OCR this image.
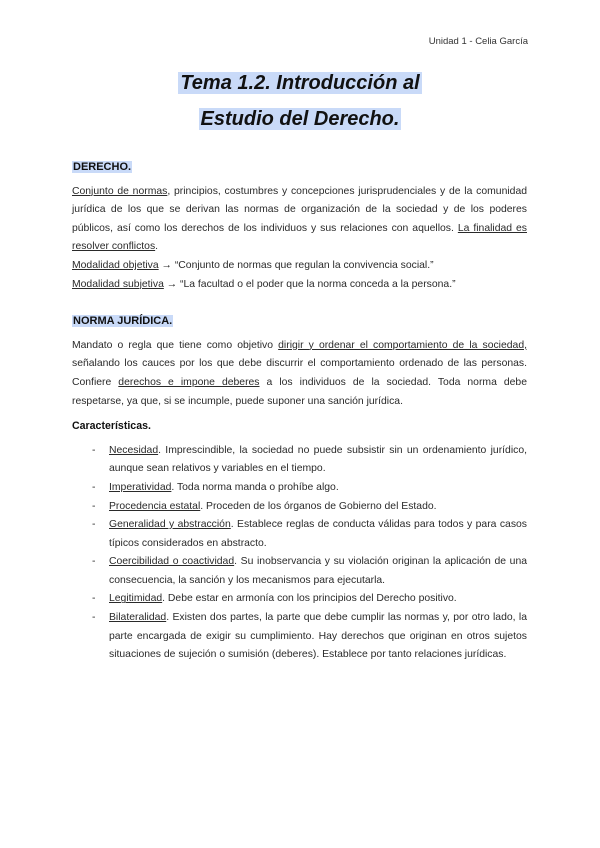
Unidad 1 - Celia García
Tema 1.2. Introducción al
Estudio del Derecho.
DERECHO.

Conjunto de normas, principios, costumbres y concepciones jurisprudenciales y de la comunidad jurídica de los que se derivan las normas de organización de la sociedad y de los poderes públicos, así como los derechos de los individuos y sus relaciones con aquellos. La finalidad es resolver conflictos.

Modalidad objetiva → “Conjunto de normas que regulan la convivencia social.”
Modalidad subjetiva → “La facultad o el poder que la norma conceda a la persona.”
NORMA JURÍDICA.

Mandato o regla que tiene como objetivo dirigir y ordenar el comportamiento de la sociedad, señalando los cauces por los que debe discurrir el comportamiento ordenado de las personas. Confiere derechos e impone deberes a los individuos de la sociedad. Toda norma debe respetarse, ya que, si se incumple, puede suponer una sanción jurídica.

Características.
- Necesidad. Imprescindible, la sociedad no puede subsistir sin un ordenamiento jurídico, aunque sean relativos y variables en el tiempo.
- Imperatividad. Toda norma manda o prohíbe algo.
- Procedencia estatal. Proceden de los órganos de Gobierno del Estado.
- Generalidad y abstracción. Establece reglas de conducta válidas para todos y para casos típicos considerados en abstracto.
- Coercibilidad o coactividad. Su inobservancia y su violación originan la aplicación de una consecuencia, la sanción y los mecanismos para ejecutarla.
- Legitimidad. Debe estar en armonía con los principios del Derecho positivo.
- Bilateralidad. Existen dos partes, la parte que debe cumplir las normas y, por otro lado, la parte encargada de exigir su cumplimiento. Hay derechos que originan en otros sujetos situaciones de sujeción o sumisión (deberes). Establece por tanto relaciones jurídicas.
